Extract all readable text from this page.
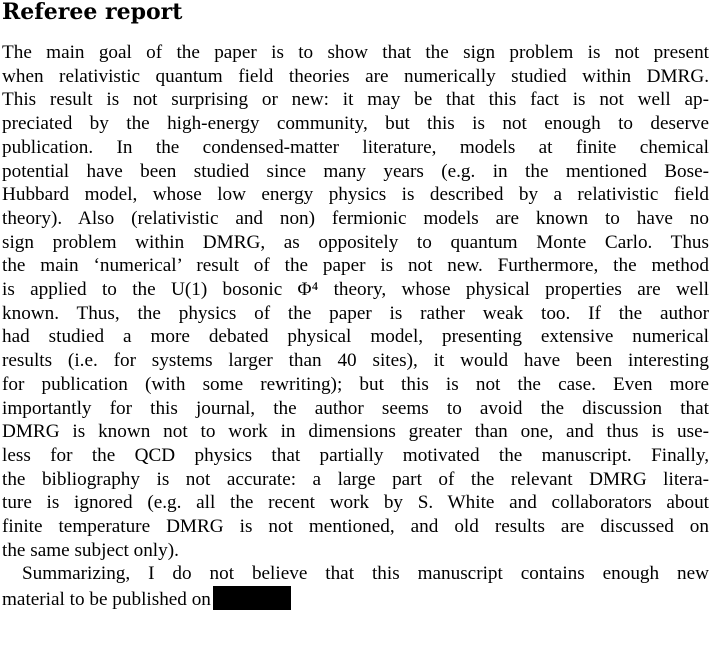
Referee report
The main goal of the paper is to show that the sign problem is not present
when relativistic quantum field theories are numerically studied within DMRG.
This result is not surprising or new: it may be that this fact is not well ap-
preciated by the high-energy community, but this is not enough to deserve
publication. In the condensed-matter literature, models at finite chemical
potential have been studied since many years (e.g. in the mentioned Bose-
Hubbard model, whose low energy physics is described by a relativistic field
theory). Also (relativistic and non) fermionic models are known to have no
sign problem within DMRG, as oppositely to quantum Monte Carlo. Thus
the main ‘numerical’ result of the paper is not new. Furthermore, the method
is applied to the U(1) bosonic Φ⁴ theory, whose physical properties are well
known. Thus, the physics of the paper is rather weak too. If the author
had studied a more debated physical model, presenting extensive numerical
results (i.e. for systems larger than 40 sites), it would have been interesting
for publication (with some rewriting); but this is not the case. Even more
importantly for this journal, the author seems to avoid the discussion that
DMRG is known not to work in dimensions greater than one, and thus is use-
less for the QCD physics that partially motivated the manuscript. Finally,
the bibliography is not accurate: a large part of the relevant DMRG litera-
ture is ignored (e.g. all the recent work by S. White and collaborators about
finite temperature DMRG is not mentioned, and old results are discussed on
the same subject only).
Summarizing, I do not believe that this manuscript contains enough new
material to be published on
